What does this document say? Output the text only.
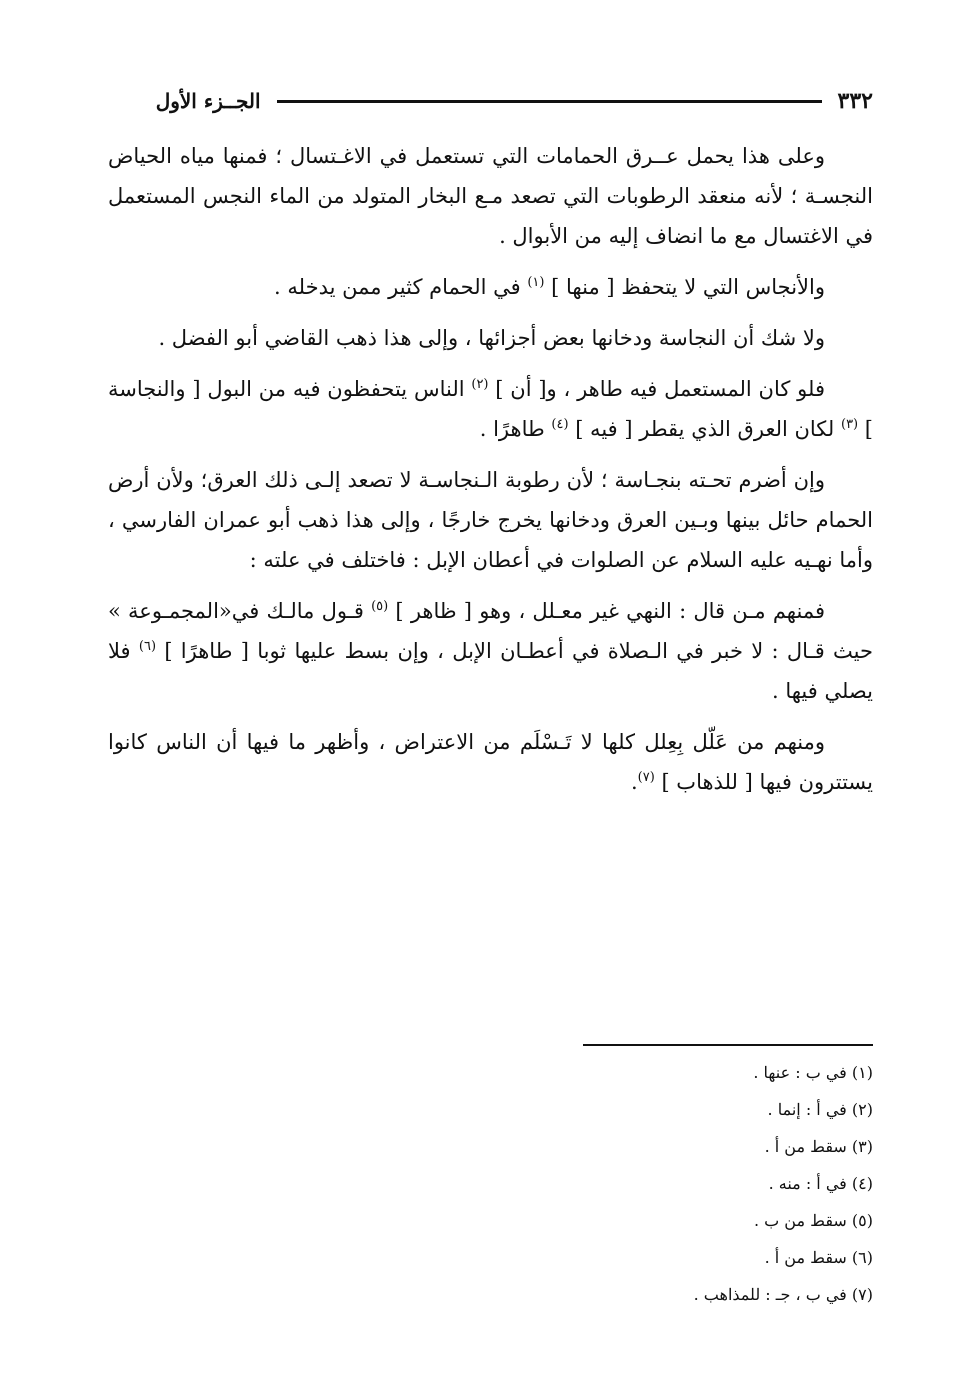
٣٣٢
الجــزء الأول

وعلى هذا يحمل عــرق الحمامات التي تستعمل في الاغـتسال ؛ فمنها مياه الحياض النجسـة ؛ لأنه منعقد الرطوبات التي تصعد مـع البخار المتولد من الماء النجس المستعمل في الاغتسال مع ما انضاف إليه من الأبوال .

والأنجاس التي لا يتحفظ [ منها ] $^{(١)}$ في الحمام كثير ممن يدخله .

ولا شك أن النجاسة ودخانها بعض أجزائها ، وإلى هذا ذهب القاضي أبو الفضل .

فلو كان المستعمل فيه طاهر ، و[ أن ] $^{(٢)}$ الناس يتحفظون فيه من البول [ والنجاسة ] $^{(٣)}$ لكان العرق الذي يقطر [ فيه ] $^{(٤)}$ طاهرًا .

وإن أضرم تحـته بنجـاسة ؛ لأن رطوبة الـنجاسـة لا تصعد إلـى ذلك العرق؛ ولأن أرض الحمام حائل بينها وبـين العرق ودخانها يخرج خارجًا ، وإلى هذا ذهب أبو عمران الفارسي ، وأما نهـيه عليه السلام عن الصلوات في أعطان الإبل : فاختلف في علته :

فمنهم مـن قال : النهي غير معـلل ، وهو [ ظاهر ] $^{(٥)}$ قـول مالـك في«المجمـوعة » حيث قـال : لا خبر في الـصلاة في أعطـان الإبل ، وإن بسط عليها ثوبا [ طاهرًا ] $^{(٦)}$ فلا يصلي فيها .

ومنهم من عَلّل بِعِلل كلها لا تَـسْلَم من الاعتراض ، وأظهر ما فيها أن الناس كانوا يستترون فيها [ للذهاب ] $^{(٧)}$.

(١) في ب : عنها .
(٢) في أ : إنما .
(٣) سقط من أ .
(٤) في أ : منه .
(٥) سقط من ب .
(٦) سقط من أ .
(٧) في ب ، جـ : للمذاهب .
